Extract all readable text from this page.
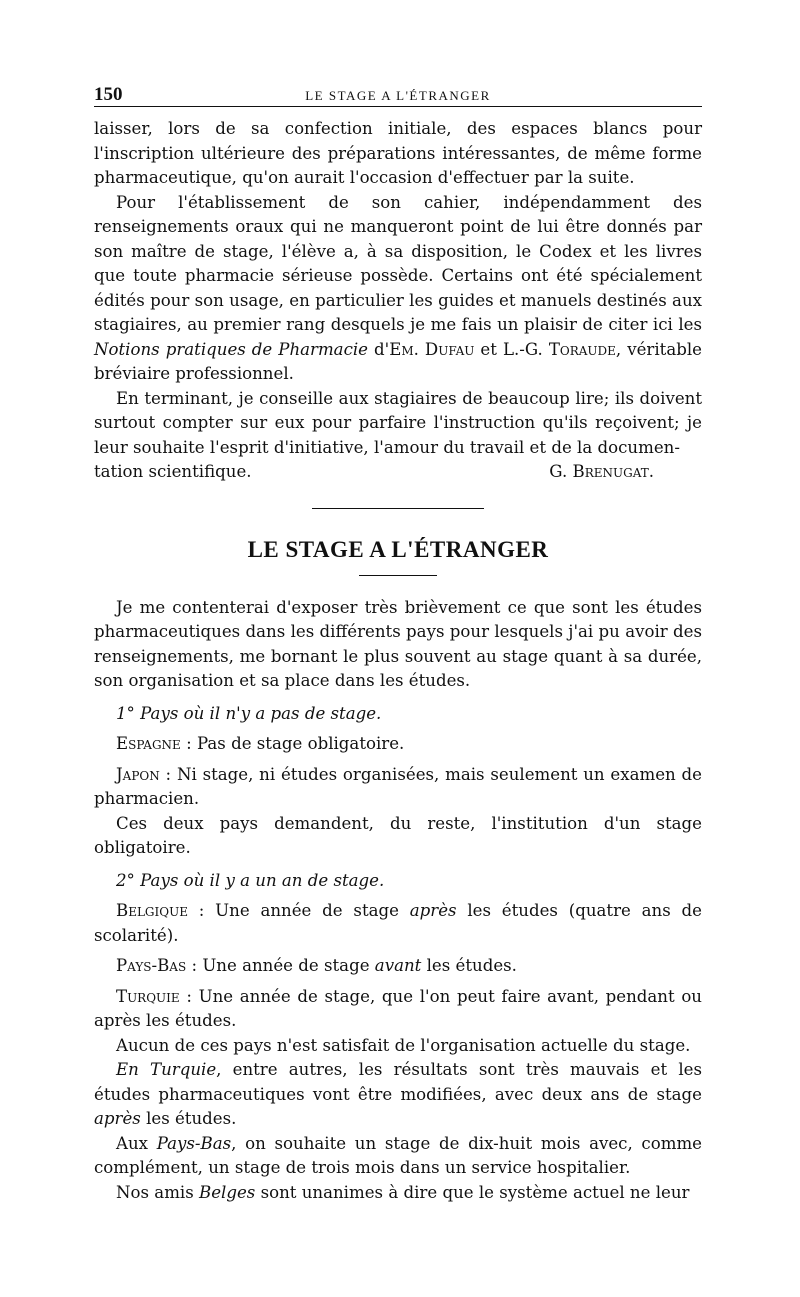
150	LE STAGE A L'ÉTRANGER

laisser, lors de sa confection initiale, des espaces blancs pour l'inscription ultérieure des préparations intéressantes, de même forme pharmaceutique, qu'on aurait l'occasion d'effectuer par la suite.

Pour l'établissement de son cahier, indépendamment des renseignements oraux qui ne manqueront point de lui être donnés par son maître de stage, l'élève a, à sa disposition, le Codex et les livres que toute pharmacie sérieuse possède. Certains ont été spécialement édités pour son usage, en particulier les guides et manuels destinés aux stagiaires, au premier rang desquels je me fais un plaisir de citer ici les Notions pratiques de Pharmacie d'Em. Dufau et L.-G. Toraude, véritable bréviaire professionnel.

En terminant, je conseille aux stagiaires de beaucoup lire; ils doivent surtout compter sur eux pour parfaire l'instruction qu'ils reçoivent; je leur souhaite l'esprit d'initiative, l'amour du travail et de la documen-

tation scientifique.	G. Brenugat.
LE STAGE A L'ÉTRANGER

Je me contenterai d'exposer très brièvement ce que sont les études pharmaceutiques dans les différents pays pour lesquels j'ai pu avoir des renseignements, me bornant le plus souvent au stage quant à sa durée, son organisation et sa place dans les études.

1° Pays où il n'y a pas de stage.

Espagne : Pas de stage obligatoire.

Japon : Ni stage, ni études organisées, mais seulement un examen de pharmacien.

Ces deux pays demandent, du reste, l'institution d'un stage obligatoire.

2° Pays où il y a un an de stage.

Belgique : Une année de stage après les études (quatre ans de scolarité).

Pays-Bas : Une année de stage avant les études.

Turquie : Une année de stage, que l'on peut faire avant, pendant ou après les études.

Aucun de ces pays n'est satisfait de l'organisation actuelle du stage.

En Turquie, entre autres, les résultats sont très mauvais et les études pharmaceutiques vont être modifiées, avec deux ans de stage après les études.

Aux Pays-Bas, on souhaite un stage de dix-huit mois avec, comme complément, un stage de trois mois dans un service hospitalier.

Nos amis Belges sont unanimes à dire que le système actuel ne leur
